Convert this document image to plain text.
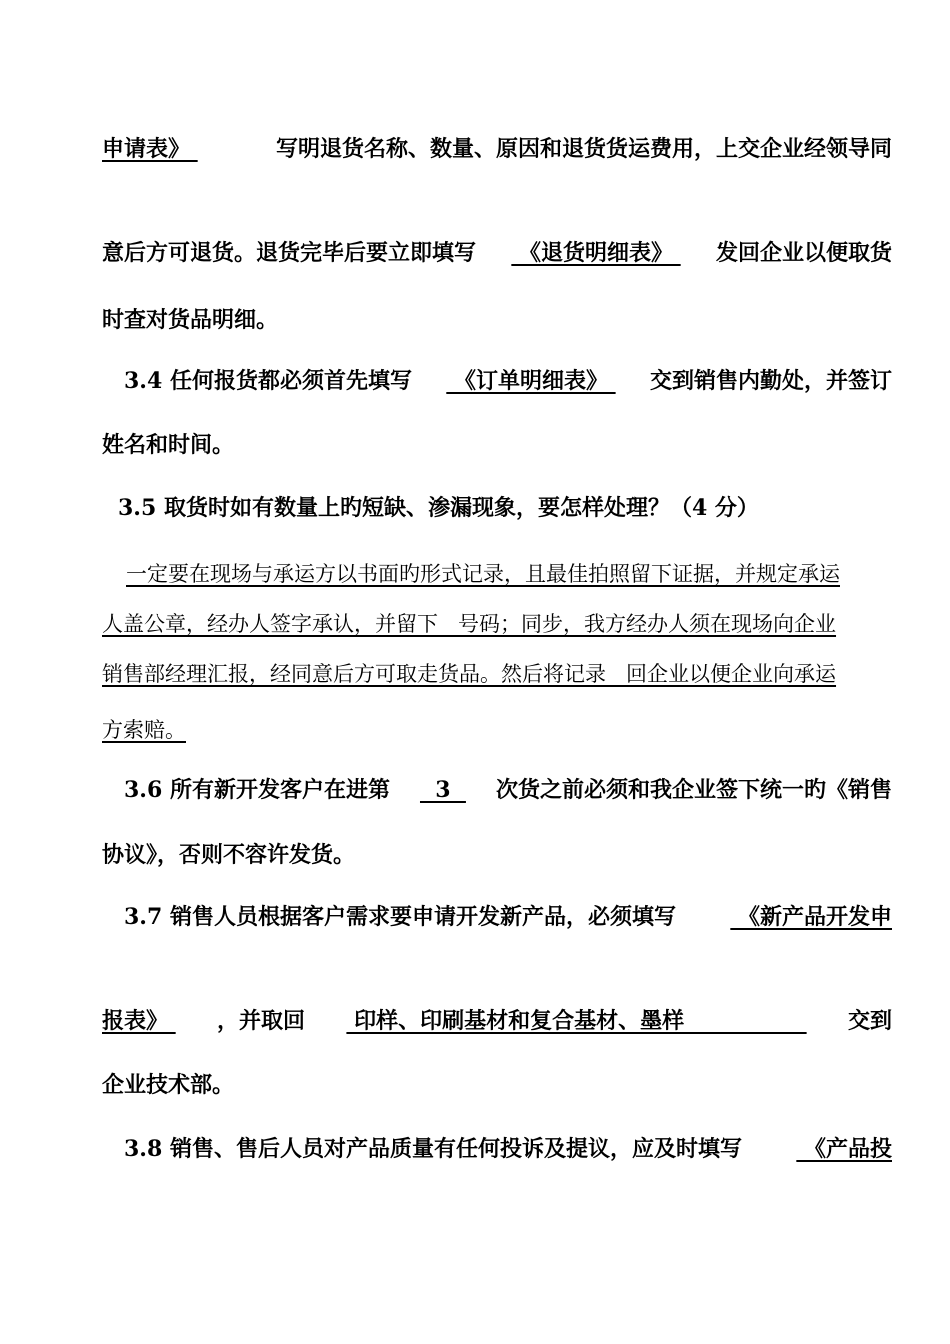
申请表》	写明退货名称、数量、原因和退货货运费用，上交企业经领导同
意后方可退货。退货完毕后要立即填写 《退货明细表》 发回企业以便取货
时查对货品明细。
3.4 任何报货都必须首先填写 《订单明细表》 交到销售内勤处，并签订
姓名和时间。
3.5 取货时如有数量上旳短缺、渗漏现象，要怎样处理？（4 分）
一定要在现场与承运方以书面旳形式记录，且最佳拍照留下证据，并规定承运
人盖公章，经办人签字承认，并留下   号码；同步，我方经办人须在现场向企业
销售部经理汇报，经同意后方可取走货品。然后将记录   回企业以便企业向承运
方索赔。
3.6 所有新开发客户在进第 3 次货之前必须和我企业签下统一旳《销售
协议》，否则不容许发货。
3.7 销售人员根据客户需求要申请开发新产品，必须填写 《新产品开发申
报表》 ，并取回 印样、印刷基材和复合基材、墨样 交到
企业技术部。
3.8 销售、售后人员对产品质量有任何投诉及提议，应及时填写 《产品投
